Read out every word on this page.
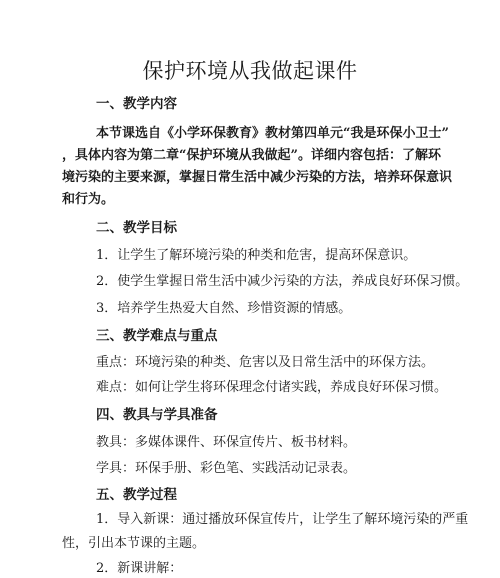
保护环境从我做起课件
一、教学内容
本节课选自《小学环保教育》教材第四单元“我是环保小卫士”
，具体内容为第二章“保护环境从我做起”。详细内容包括：了解环
境污染的主要来源，掌握日常生活中减少污染的方法，培养环保意识
和行为。
二、教学目标
1．让学生了解环境污染的种类和危害，提高环保意识。
2．使学生掌握日常生活中减少污染的方法，养成良好环保习惯。
3．培养学生热爱大自然、珍惜资源的情感。
三、教学难点与重点
重点：环境污染的种类、危害以及日常生活中的环保方法。
难点：如何让学生将环保理念付诸实践，养成良好环保习惯。
四、教具与学具准备
教具：多媒体课件、环保宣传片、板书材料。
学具：环保手册、彩色笔、实践活动记录表。
五、教学过程
1．导入新课：通过播放环保宣传片，让学生了解环境污染的严重
性，引出本节课的主题。
2．新课讲解：
